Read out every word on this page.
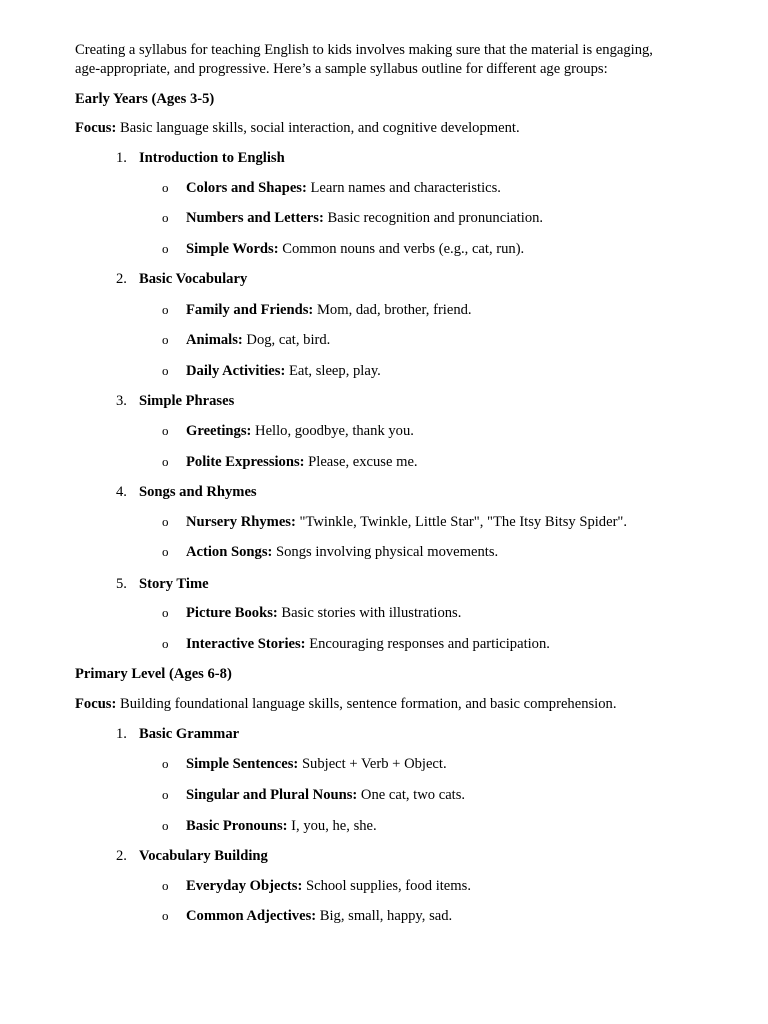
Creating a syllabus for teaching English to kids involves making sure that the material is engaging, age-appropriate, and progressive. Here’s a sample syllabus outline for different age groups:
Early Years (Ages 3-5)
Focus: Basic language skills, social interaction, and cognitive development.
1. Introduction to English
o Colors and Shapes: Learn names and characteristics.
o Numbers and Letters: Basic recognition and pronunciation.
o Simple Words: Common nouns and verbs (e.g., cat, run).
2. Basic Vocabulary
o Family and Friends: Mom, dad, brother, friend.
o Animals: Dog, cat, bird.
o Daily Activities: Eat, sleep, play.
3. Simple Phrases
o Greetings: Hello, goodbye, thank you.
o Polite Expressions: Please, excuse me.
4. Songs and Rhymes
o Nursery Rhymes: "Twinkle, Twinkle, Little Star", "The Itsy Bitsy Spider".
o Action Songs: Songs involving physical movements.
5. Story Time
o Picture Books: Basic stories with illustrations.
o Interactive Stories: Encouraging responses and participation.
Primary Level (Ages 6-8)
Focus: Building foundational language skills, sentence formation, and basic comprehension.
1. Basic Grammar
o Simple Sentences: Subject + Verb + Object.
o Singular and Plural Nouns: One cat, two cats.
o Basic Pronouns: I, you, he, she.
2. Vocabulary Building
o Everyday Objects: School supplies, food items.
o Common Adjectives: Big, small, happy, sad.
